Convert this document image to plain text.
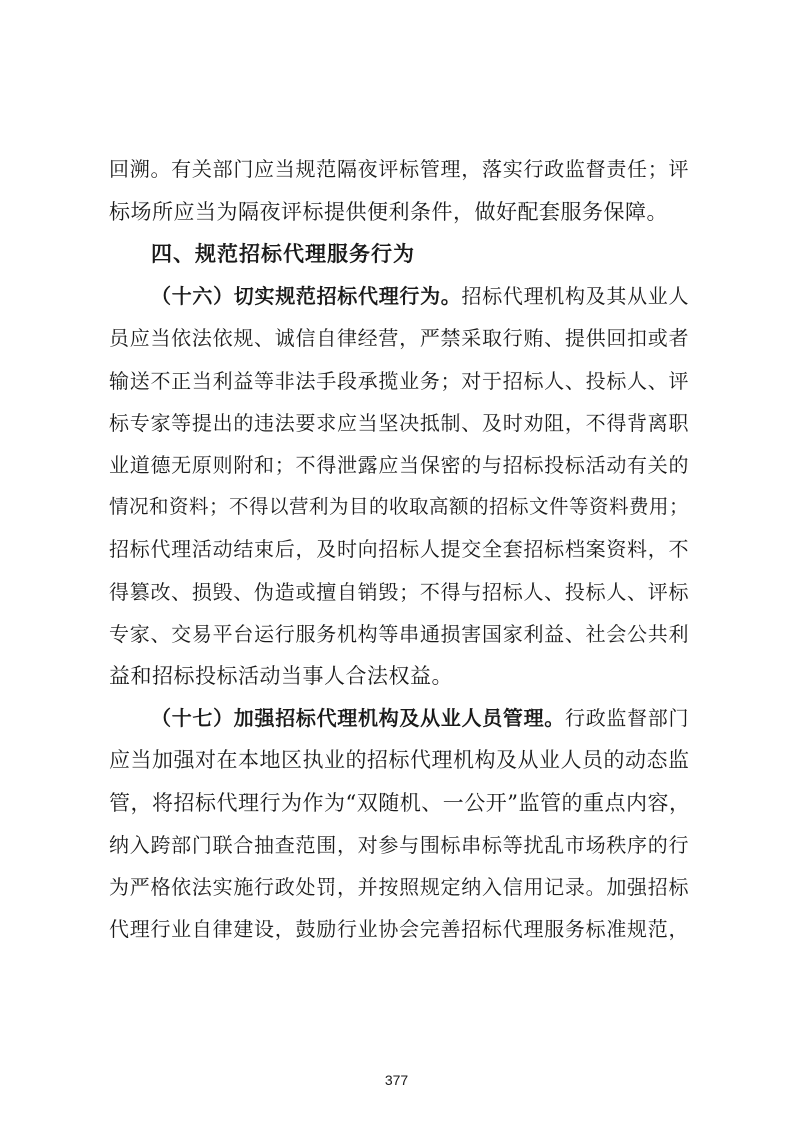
回溯。有关部门应当规范隔夜评标管理，落实行政监督责任；评
标场所应当为隔夜评标提供便利条件，做好配套服务保障。
四、规范招标代理服务行为
（十六）切实规范招标代理行为。招标代理机构及其从业人
员应当依法依规、诚信自律经营，严禁采取行贿、提供回扣或者
输送不正当利益等非法手段承揽业务；对于招标人、投标人、评
标专家等提出的违法要求应当坚决抵制、及时劝阻，不得背离职
业道德无原则附和；不得泄露应当保密的与招标投标活动有关的
情况和资料；不得以营利为目的收取高额的招标文件等资料费用；
招标代理活动结束后，及时向招标人提交全套招标档案资料，不
得篡改、损毁、伪造或擅自销毁；不得与招标人、投标人、评标
专家、交易平台运行服务机构等串通损害国家利益、社会公共利
益和招标投标活动当事人合法权益。
（十七）加强招标代理机构及从业人员管理。行政监督部门
应当加强对在本地区执业的招标代理机构及从业人员的动态监
管，将招标代理行为作为“双随机、一公开”监管的重点内容，
纳入跨部门联合抽查范围，对参与围标串标等扰乱市场秩序的行
为严格依法实施行政处罚，并按照规定纳入信用记录。加强招标
代理行业自律建设，鼓励行业协会完善招标代理服务标准规范，
377
